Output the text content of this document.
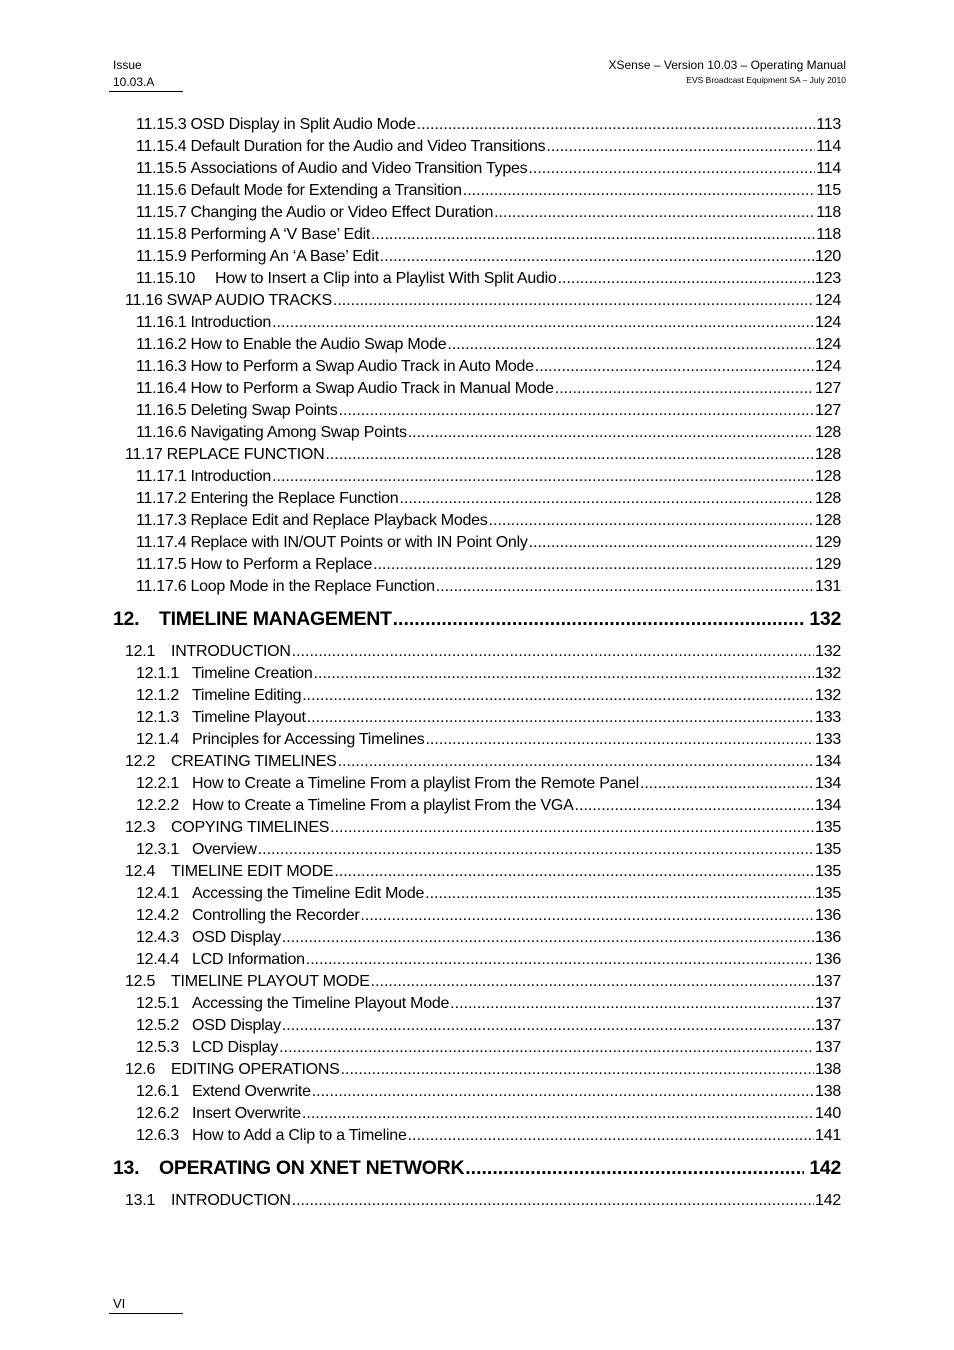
Issue
10.03.A
XSense – Version 10.03 – Operating Manual
EVS Broadcast Equipment SA – July 2010
11.15.3 OSD Display in Split Audio Mode .....	113
11.15.4 Default Duration for the Audio and Video Transitions .....	114
11.15.5 Associations of Audio and Video Transition Types .....	114
11.15.6 Default Mode for Extending a Transition .....	115
11.15.7 Changing the Audio or Video Effect Duration .....	118
11.15.8 Performing A ‘V Base’ Edit .....	118
11.15.9 Performing An ‘A Base’ Edit .....	120
11.15.10 How to Insert a Clip into a Playlist With Split Audio .....	123
11.16 SWAP AUDIO TRACKS .....	124
11.16.1 Introduction .....	124
11.16.2 How to Enable the Audio Swap Mode .....	124
11.16.3 How to Perform a Swap Audio Track in Auto Mode .....	124
11.16.4 How to Perform a Swap Audio Track in Manual Mode .....	127
11.16.5 Deleting Swap Points .....	127
11.16.6 Navigating Among Swap Points .....	128
11.17 REPLACE FUNCTION .....	128
11.17.1 Introduction .....	128
11.17.2 Entering the Replace Function .....	128
11.17.3 Replace Edit and Replace Playback Modes .....	128
11.17.4 Replace with IN/OUT Points or with IN Point Only .....	129
11.17.5 How to Perform a Replace .....	129
11.17.6 Loop Mode in the Replace Function .....	131
12. TIMELINE MANAGEMENT .....	132
12.1 INTRODUCTION .....	132
12.1.1 Timeline Creation .....	132
12.1.2 Timeline Editing .....	132
12.1.3 Timeline Playout .....	133
12.1.4 Principles for Accessing Timelines .....	133
12.2 CREATING TIMELINES .....	134
12.2.1 How to Create a Timeline From a playlist From the Remote Panel .....	134
12.2.2 How to Create a Timeline From a playlist From the VGA .....	134
12.3 COPYING TIMELINES .....	135
12.3.1 Overview .....	135
12.4 TIMELINE EDIT MODE .....	135
12.4.1 Accessing the Timeline Edit Mode .....	135
12.4.2 Controlling the Recorder .....	136
12.4.3 OSD Display .....	136
12.4.4 LCD Information .....	136
12.5 TIMELINE PLAYOUT MODE .....	137
12.5.1 Accessing the Timeline Playout Mode .....	137
12.5.2 OSD Display .....	137
12.5.3 LCD Display .....	137
12.6 EDITING OPERATIONS .....	138
12.6.1 Extend Overwrite .....	138
12.6.2 Insert Overwrite .....	140
12.6.3 How to Add a Clip to a Timeline .....	141
13. OPERATING ON XNET NETWORK .....	142
13.1 INTRODUCTION .....	142
VI
